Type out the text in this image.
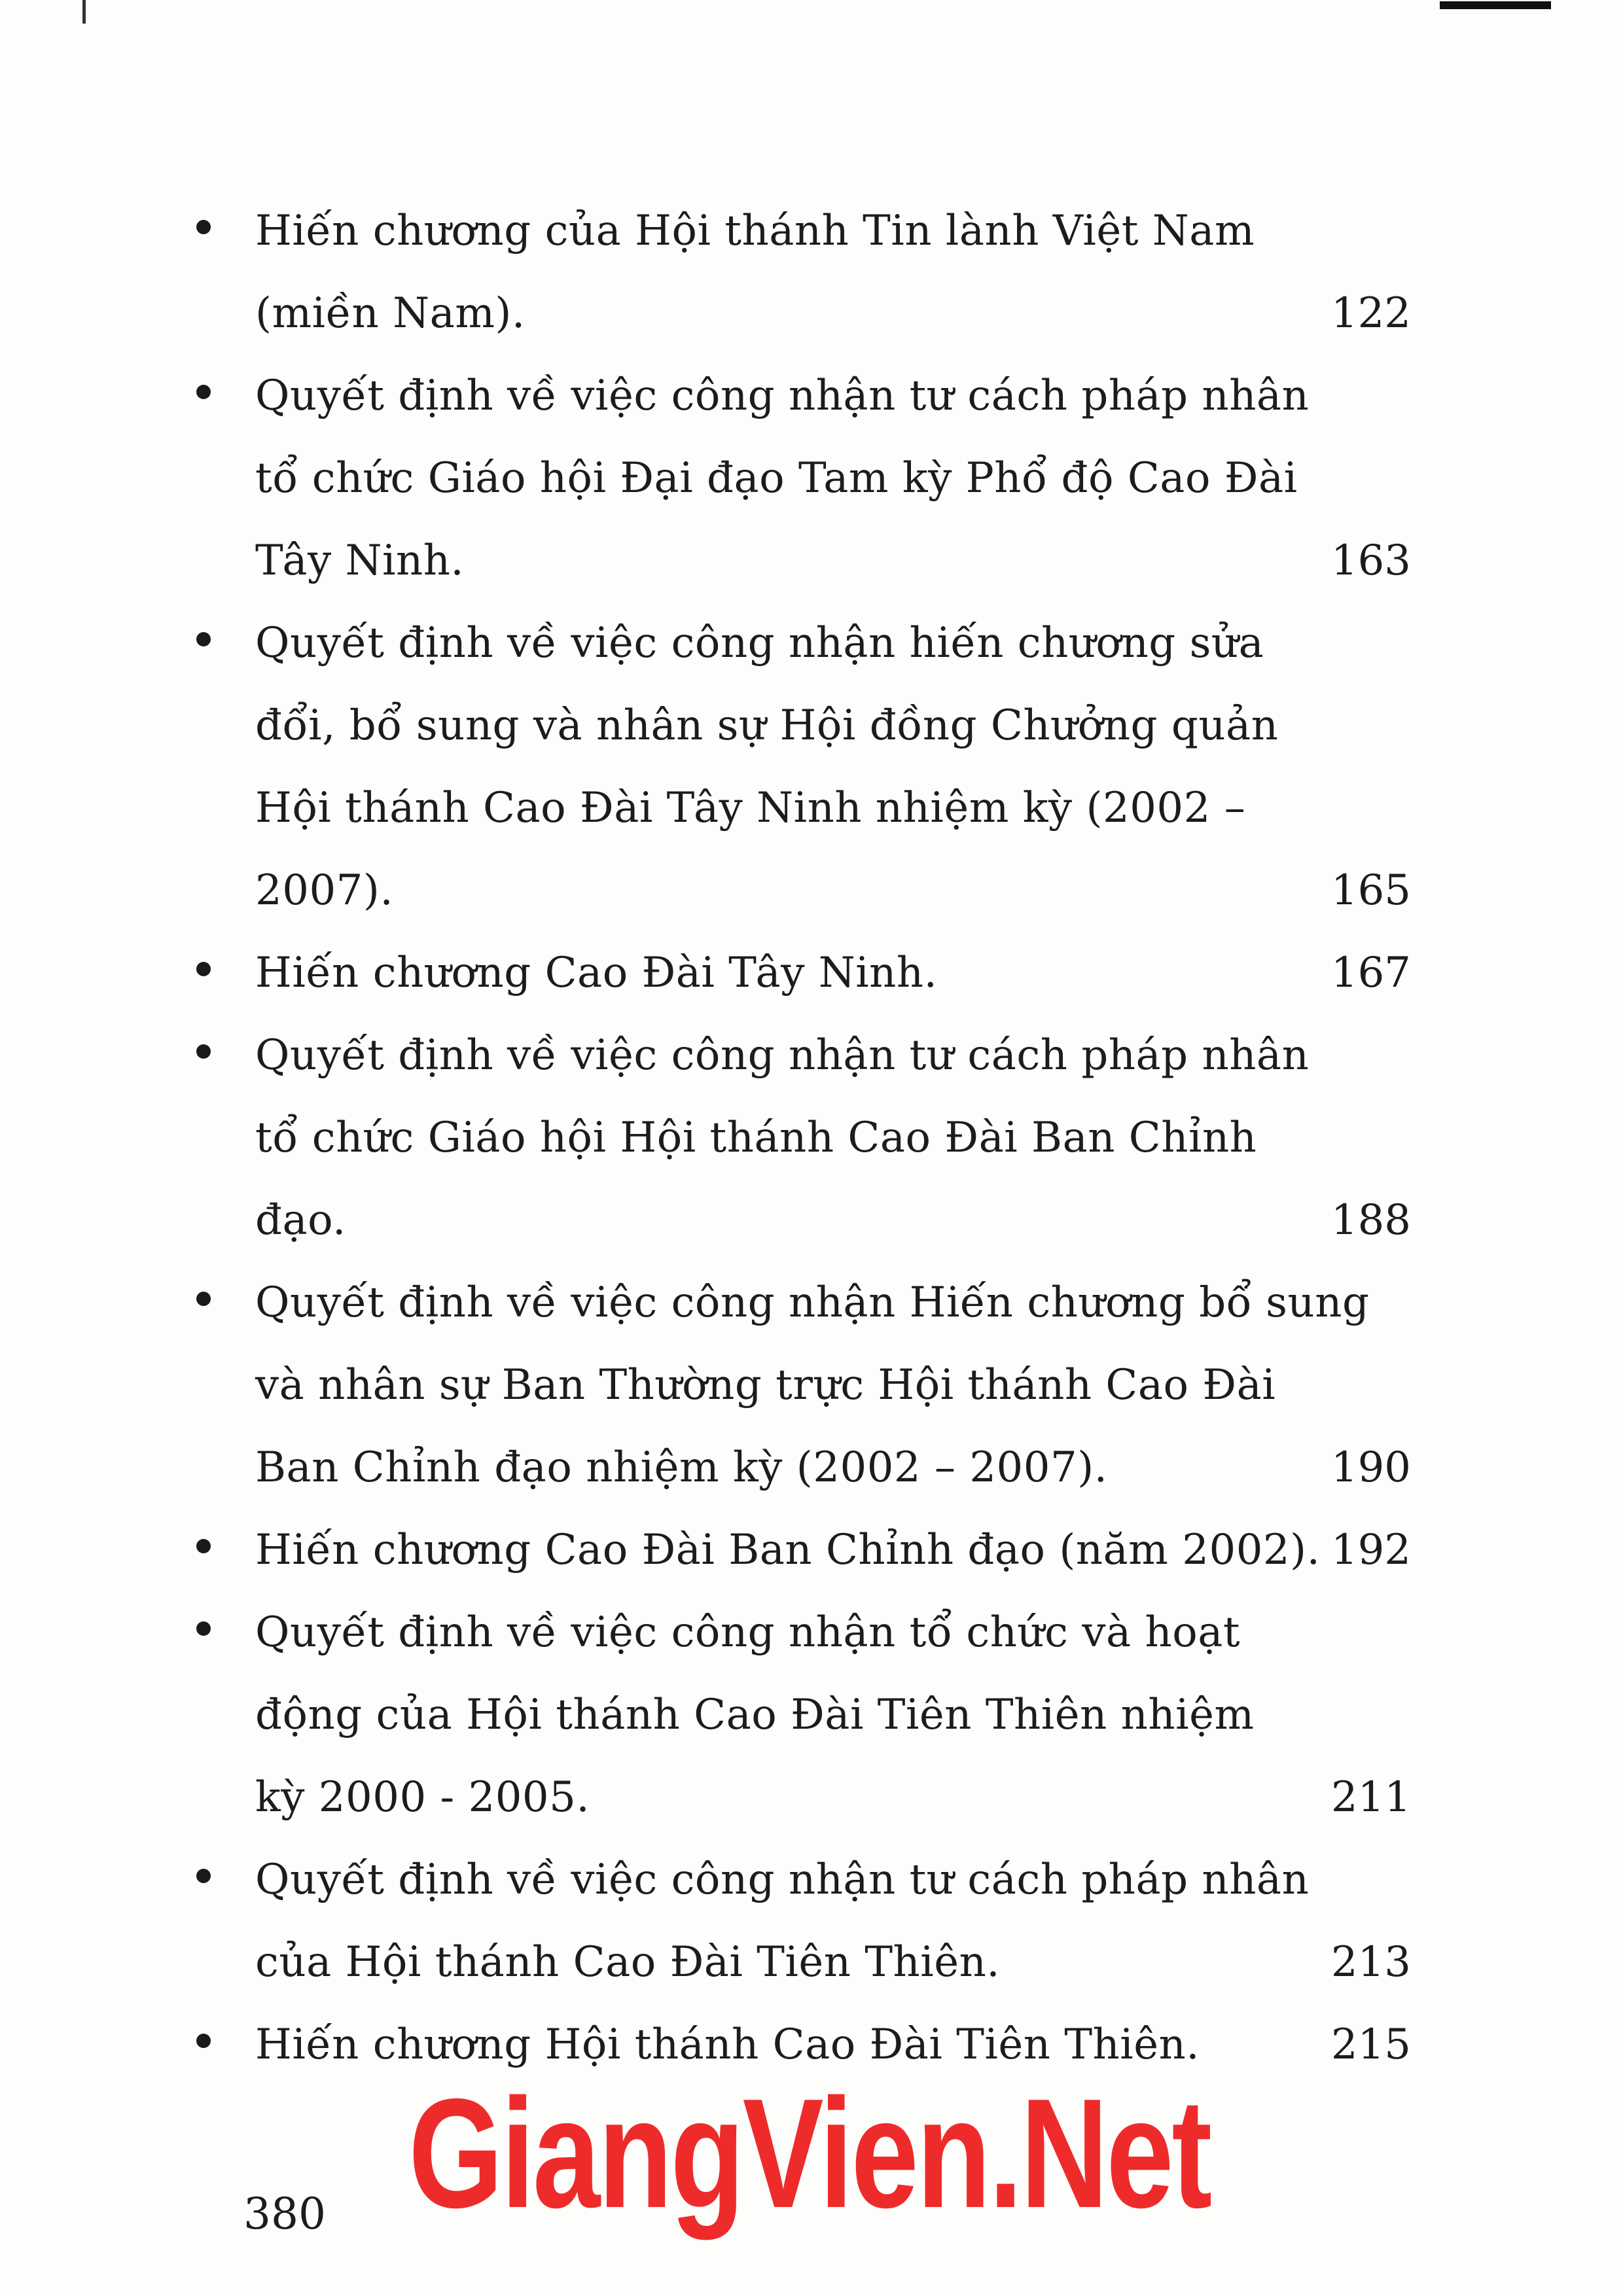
Hiến chương của Hội thánh Tin lành Việt Nam
(miền Nam).	122
Quyết định về việc công nhận tư cách pháp nhân
tổ chức Giáo hội Đại đạo Tam kỳ Phổ độ Cao Đài
Tây Ninh.	163
Quyết định về việc công nhận hiến chương sửa
đổi, bổ sung và nhân sự Hội đồng Chưởng quản
Hội thánh Cao Đài Tây Ninh nhiệm kỳ (2002 –
2007).	165
Hiến chương Cao Đài Tây Ninh.	167
Quyết định về việc công nhận tư cách pháp nhân
tổ chức Giáo hội Hội thánh Cao Đài Ban Chỉnh
đạo.	188
Quyết định về việc công nhận Hiến chương bổ sung
và nhân sự Ban Thường trực Hội thánh Cao Đài
Ban Chỉnh đạo nhiệm kỳ (2002 – 2007).	190
Hiến chương Cao Đài Ban Chỉnh đạo (năm 2002). 192
Quyết định về việc công nhận tổ chức và hoạt
động của Hội thánh Cao Đài Tiên Thiên nhiệm
kỳ 2000 - 2005.	211
Quyết định về việc công nhận tư cách pháp nhân
của Hội thánh Cao Đài Tiên Thiên.	213
Hiến chương Hội thánh Cao Đài Tiên Thiên.	215
GiangVien.Net
380
